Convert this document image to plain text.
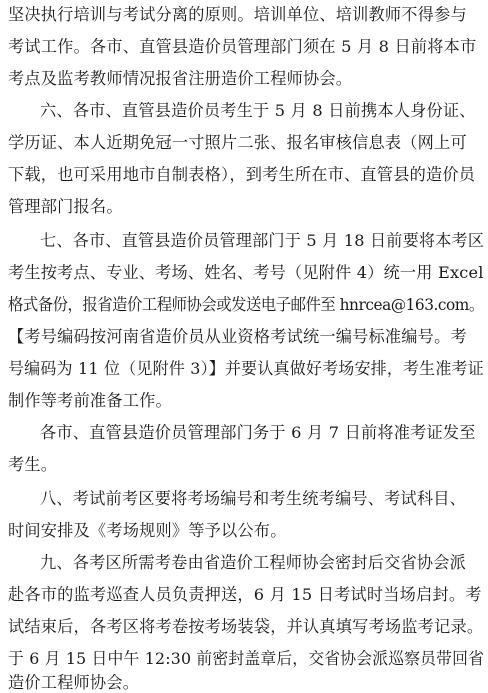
坚决执行培训与考试分离的原则。培训单位、培训教师不得参与
考试工作。各市、直管县造价员管理部门须在 5 月 8 日前将本市
考点及监考教师情况报省注册造价工程师协会。
六、各市、直管县造价员考生于 5 月 8 日前携本人身份证、
学历证、本人近期免冠一寸照片二张、报名审核信息表（网上可
下载，也可采用地市自制表格），到考生所在市、直管县的造价员
管理部门报名。
七、各市、直管县造价员管理部门于 5 月 18 日前要将本考区
考生按考点、专业、考场、姓名、考号（见附件 4）统一用 Excel
格式备份，报省造价工程师协会或发送电子邮件至 hnrcea@163.com。
【考号编码按河南省造价员从业资格考试统一编号标准编号。考
号编码为 11 位（见附件 3）】并要认真做好考场安排，考生准考证
制作等考前准备工作。
各市、直管县造价员管理部门务于 6 月 7 日前将准考证发至
考生。
八、考试前考区要将考场编号和考生统考编号、考试科目、
时间安排及《考场规则》等予以公布。
九、各考区所需考卷由省造价工程师协会密封后交省协会派
赴各市的监考巡查人员负责押送，6 月 15 日考试时当场启封。考
试结束后，各考区将考卷按考场装袋，并认真填写考场监考记录。
于 6 月 15 日中午 12:30 前密封盖章后，交省协会派巡察员带回省
造价工程师协会。
